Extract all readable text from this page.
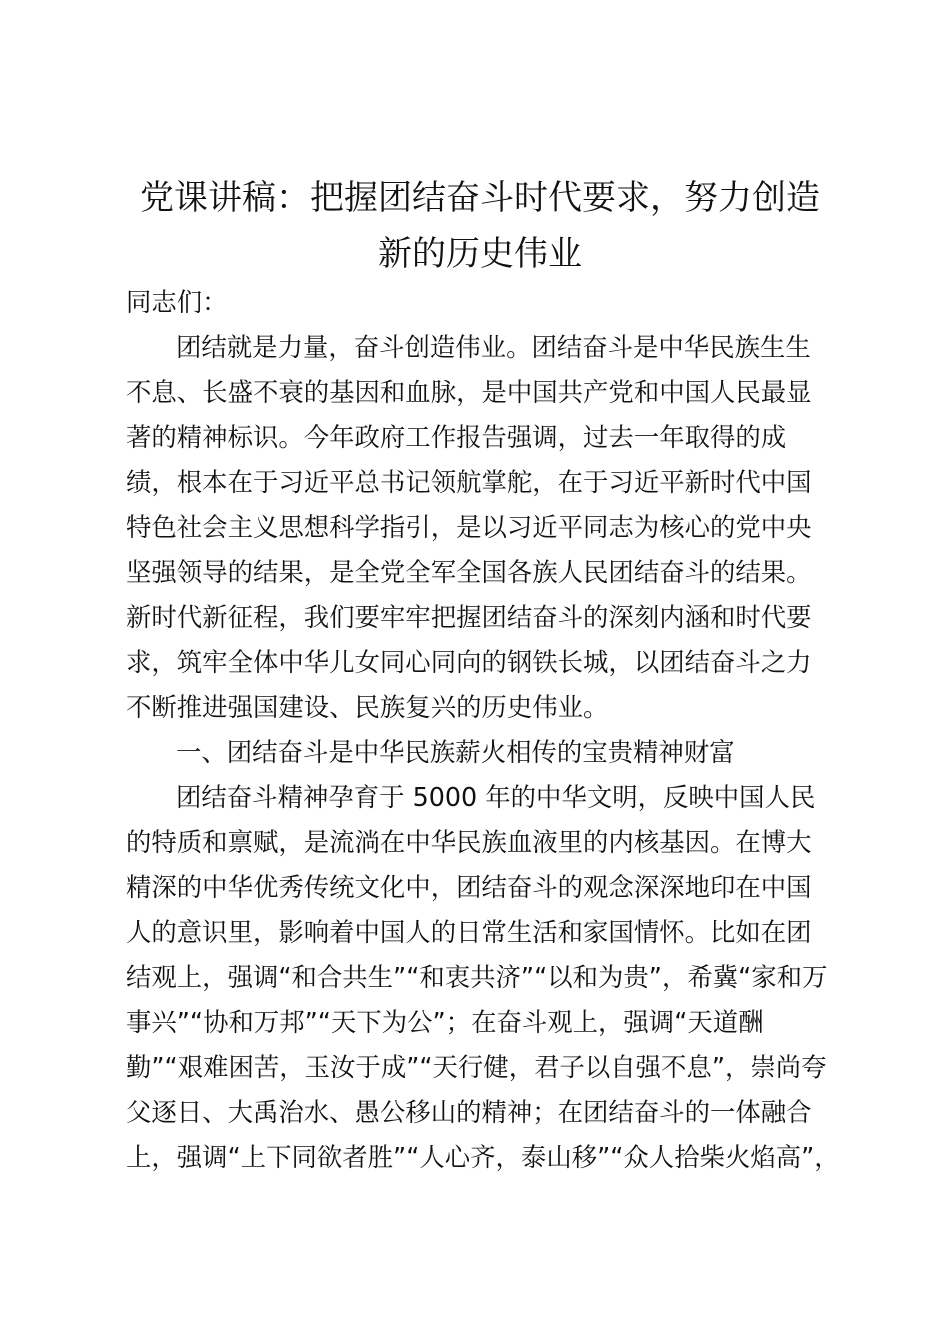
党课讲稿：把握团结奋斗时代要求，努力创造
新的历史伟业

同志们：

团结就是力量，奋斗创造伟业。团结奋斗是中华民族生生
不息、长盛不衰的基因和血脉，是中国共产党和中国人民最显
著的精神标识。今年政府工作报告强调，过去一年取得的成
绩，根本在于习近平总书记领航掌舵，在于习近平新时代中国
特色社会主义思想科学指引，是以习近平同志为核心的党中央
坚强领导的结果，是全党全军全国各族人民团结奋斗的结果。
新时代新征程，我们要牢牢把握团结奋斗的深刻内涵和时代要
求，筑牢全体中华儿女同心同向的钢铁长城，以团结奋斗之力
不断推进强国建设、民族复兴的历史伟业。

一、团结奋斗是中华民族薪火相传的宝贵精神财富

团结奋斗精神孕育于 5000 年的中华文明，反映中国人民
的特质和禀赋，是流淌在中华民族血液里的内核基因。在博大
精深的中华优秀传统文化中，团结奋斗的观念深深地印在中国
人的意识里，影响着中国人的日常生活和家国情怀。比如在团
结观上，强调“和合共生”“和衷共济”“以和为贵”，希冀“家和万
事兴”“协和万邦”“天下为公”；在奋斗观上，强调“天道酬
勤”“艰难困苦，玉汝于成”“天行健，君子以自强不息”，崇尚夸
父逐日、大禹治水、愚公移山的精神；在团结奋斗的一体融合
上，强调“上下同欲者胜”“人心齐，泰山移”“众人拾柴火焰高”，
